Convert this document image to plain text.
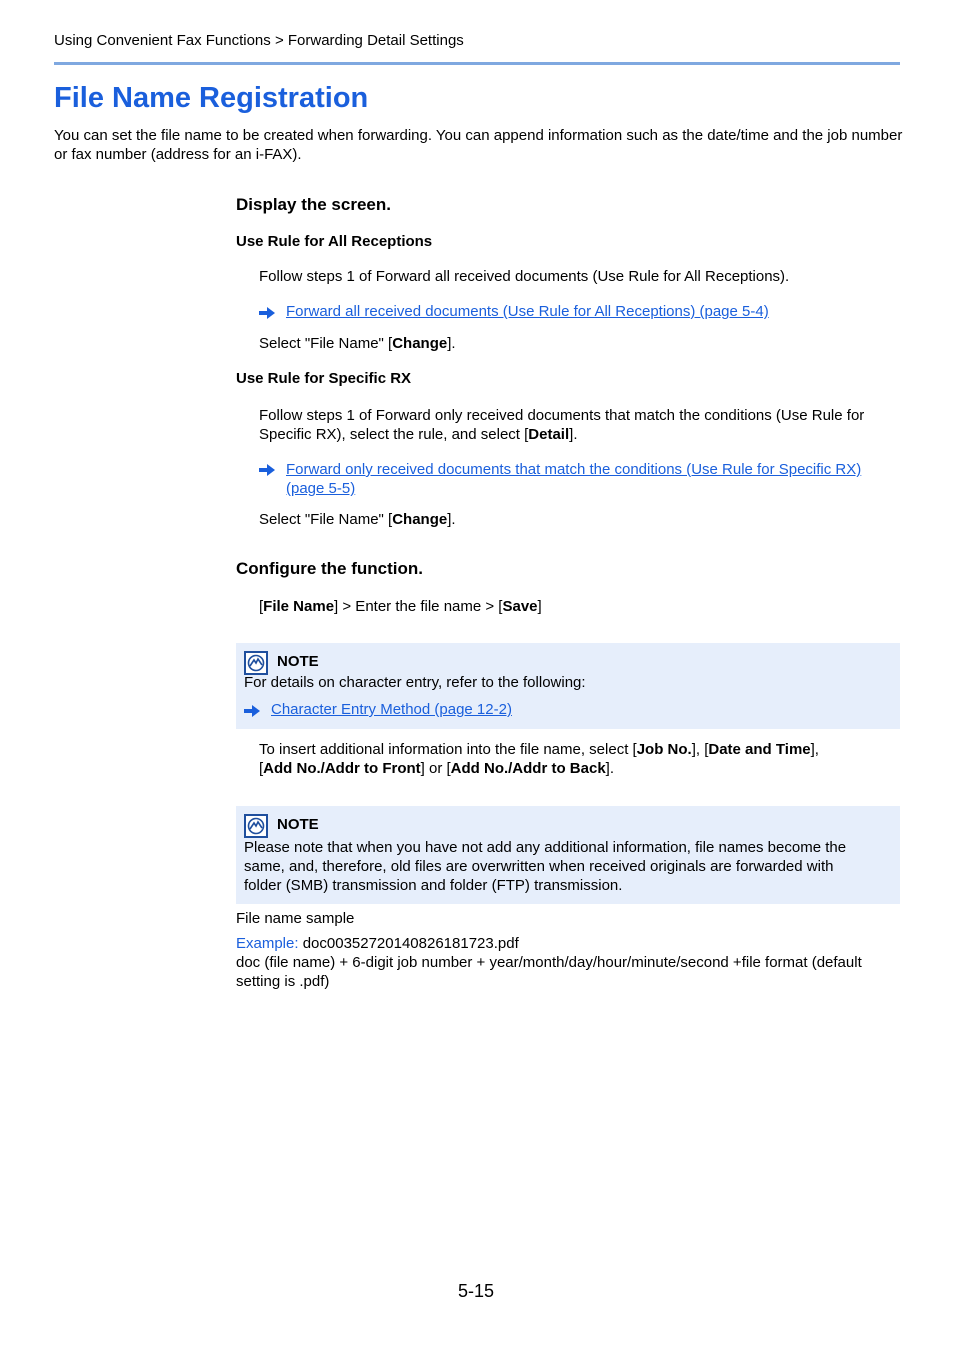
Using Convenient Fax Functions > Forwarding Detail Settings
File Name Registration
You can set the file name to be created when forwarding. You can append information such as the date/time and the job number or fax number (address for an i-FAX).
Display the screen.
Use Rule for All Receptions
Follow steps 1 of Forward all received documents (Use Rule for All Receptions).
Forward all received documents (Use Rule for All Receptions) (page 5-4)
Select "File Name" [Change].
Use Rule for Specific RX
Follow steps 1 of Forward only received documents that match the conditions (Use Rule for
Specific RX), select the rule, and select [Detail].
Forward only received documents that match the conditions (Use Rule for Specific RX)
(page 5-5)
Select "File Name" [Change].
Configure the function.
[File Name] > Enter the file name > [Save]
NOTE
For details on character entry, refer to the following:
Character Entry Method (page 12-2)
To insert additional information into the file name, select [Job No.], [Date and Time],
[Add No./Addr to Front] or [Add No./Addr to Back].
NOTE
Please note that when you have not add any additional information, file names become the
same, and, therefore, old files are overwritten when received originals are forwarded with
folder (SMB) transmission and folder (FTP) transmission.
File name sample
Example: doc00352720140826181723.pdf
doc (file name) + 6-digit job number + year/month/day/hour/minute/second +file format (default
setting is .pdf)
5-15
